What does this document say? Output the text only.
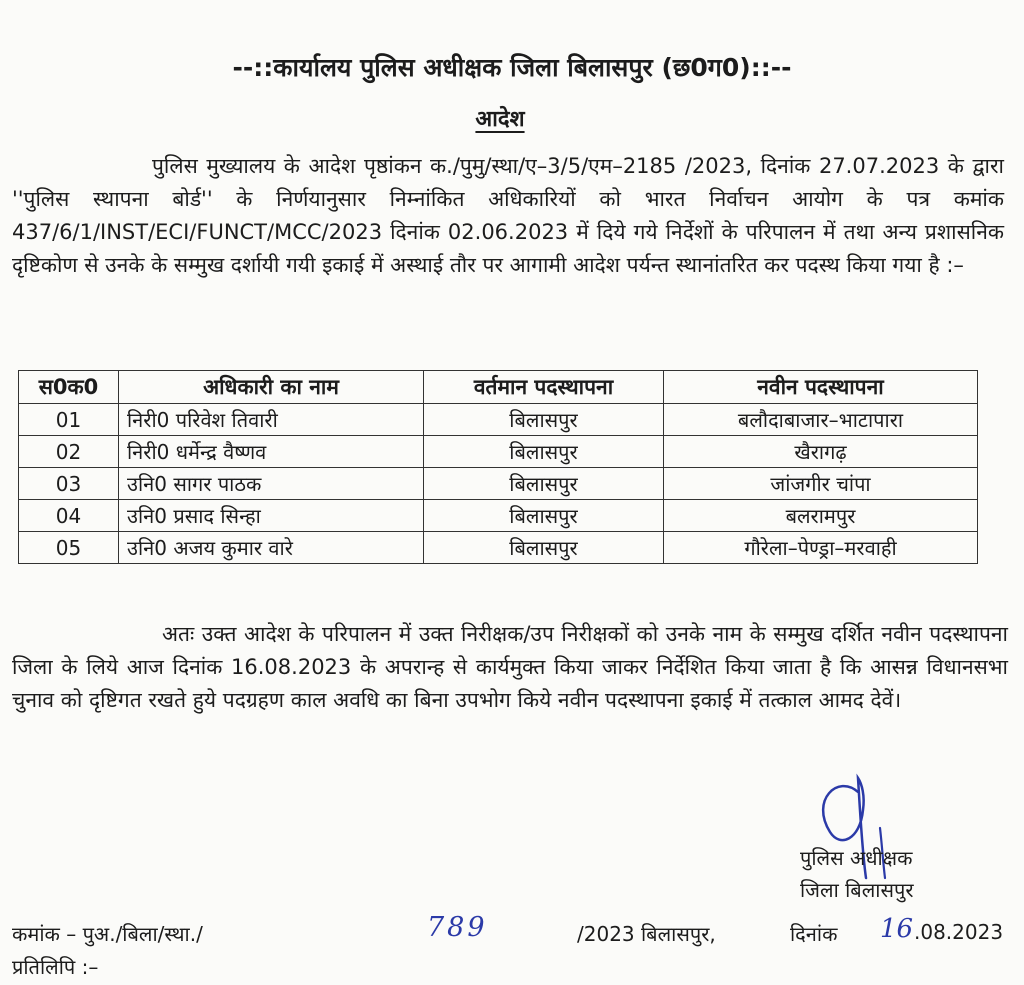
--::कार्यालय पुलिस अधीक्षक जिला बिलासपुर (छ0ग0)::--
आदेश
पुलिस मुख्यालय के आदेश पृष्ठांकन क./पुमु/स्था/ए–3/5/एम–2185 /2023, दिनांक 27.07.2023 के द्वारा ''पुलिस स्थापना बोर्ड'' के निर्णयानुसार निम्नांकित अधिकारियों को भारत निर्वाचन आयोग के पत्र कमांक 437/6/1/INST/ECI/FUNCT/MCC/2023 दिनांक 02.06.2023 में दिये गये निर्देशों के परिपालन में तथा अन्य प्रशासनिक दृष्टिकोण से उनके के सम्मुख दर्शायी गयी इकाई में अस्थाई तौर पर आगामी आदेश पर्यन्त स्थानांतरित कर पदस्थ किया गया है :–
स0क0	अधिकारी का नाम	वर्तमान पदस्थापना	नवीन पदस्थापना
01	निरी0 परिवेश तिवारी	बिलासपुर	बलौदाबाजार–भाटापारा
02	निरी0 धर्मेन्द्र वैष्णव	बिलासपुर	खैरागढ़
03	उनि0 सागर पाठक	बिलासपुर	जांजगीर चांपा
04	उनि0 प्रसाद सिन्हा	बिलासपुर	बलरामपुर
05	उनि0 अजय कुमार वारे	बिलासपुर	गौरेला–पेण्ड्रा–मरवाही
अतः उक्त आदेश के परिपालन में उक्त निरीक्षक/उप निरीक्षकों को उनके नाम के सम्मुख दर्शित नवीन पदस्थापना जिला के लिये आज दिनांक 16.08.2023 के अपरान्ह से कार्यमुक्त किया जाकर निर्देशित किया जाता है कि आसन्न विधानसभा चुनाव को दृष्टिगत रखते हुये पदग्रहण काल अवधि का बिना उपभोग किये नवीन पदस्थापना इकाई में तत्काल आमद देवें।
पुलिस अधीक्षक
जिला बिलासपुर
कमांक – पुअ./बिला/स्था./	789	/2023 बिलासपुर,	दिनांक 16 .08.2023
प्रतिलिपि :–
